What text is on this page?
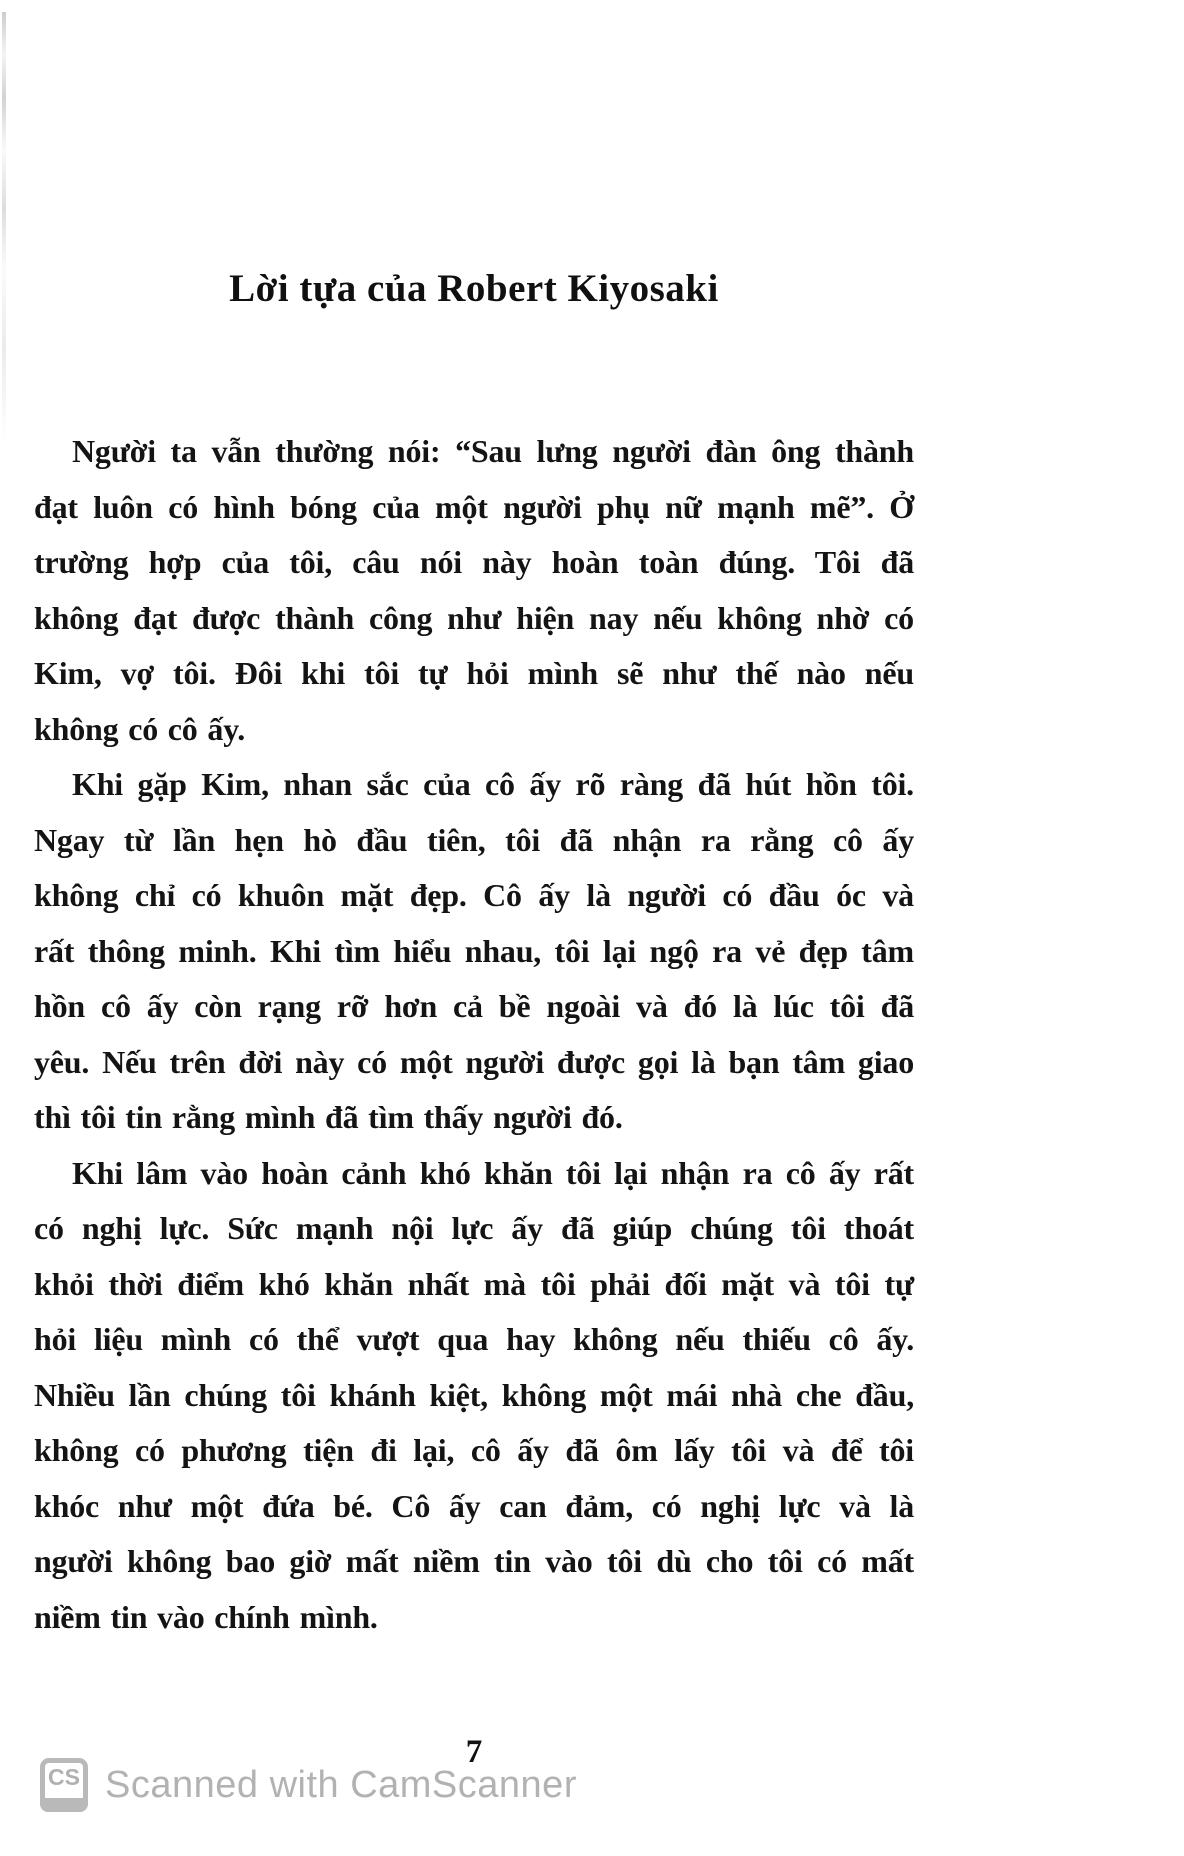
Lời tựa của Robert Kiyosaki
Người ta vẫn thường nói: “Sau lưng người đàn ông thành
đạt luôn có hình bóng của một người phụ nữ mạnh mẽ”. Ở
trường hợp của tôi, câu nói này hoàn toàn đúng. Tôi đã
không đạt được thành công như hiện nay nếu không nhờ có
Kim, vợ tôi. Đôi khi tôi tự hỏi mình sẽ như thế nào nếu
không có cô ấy.
Khi gặp Kim, nhan sắc của cô ấy rõ ràng đã hút hồn tôi.
Ngay từ lần hẹn hò đầu tiên, tôi đã nhận ra rằng cô ấy
không chỉ có khuôn mặt đẹp. Cô ấy là người có đầu óc và
rất thông minh. Khi tìm hiểu nhau, tôi lại ngộ ra vẻ đẹp tâm
hồn cô ấy còn rạng rỡ hơn cả bề ngoài và đó là lúc tôi đã
yêu. Nếu trên đời này có một người được gọi là bạn tâm giao
thì tôi tin rằng mình đã tìm thấy người đó.
Khi lâm vào hoàn cảnh khó khăn tôi lại nhận ra cô ấy rất
có nghị lực. Sức mạnh nội lực ấy đã giúp chúng tôi thoát
khỏi thời điểm khó khăn nhất mà tôi phải đối mặt và tôi tự
hỏi liệu mình có thể vượt qua hay không nếu thiếu cô ấy.
Nhiều lần chúng tôi khánh kiệt, không một mái nhà che đầu,
không có phương tiện đi lại, cô ấy đã ôm lấy tôi và để tôi
khóc như một đứa bé. Cô ấy can đảm, có nghị lực và là
người không bao giờ mất niềm tin vào tôi dù cho tôi có mất
niềm tin vào chính mình.
7
CS Scanned with CamScanner
